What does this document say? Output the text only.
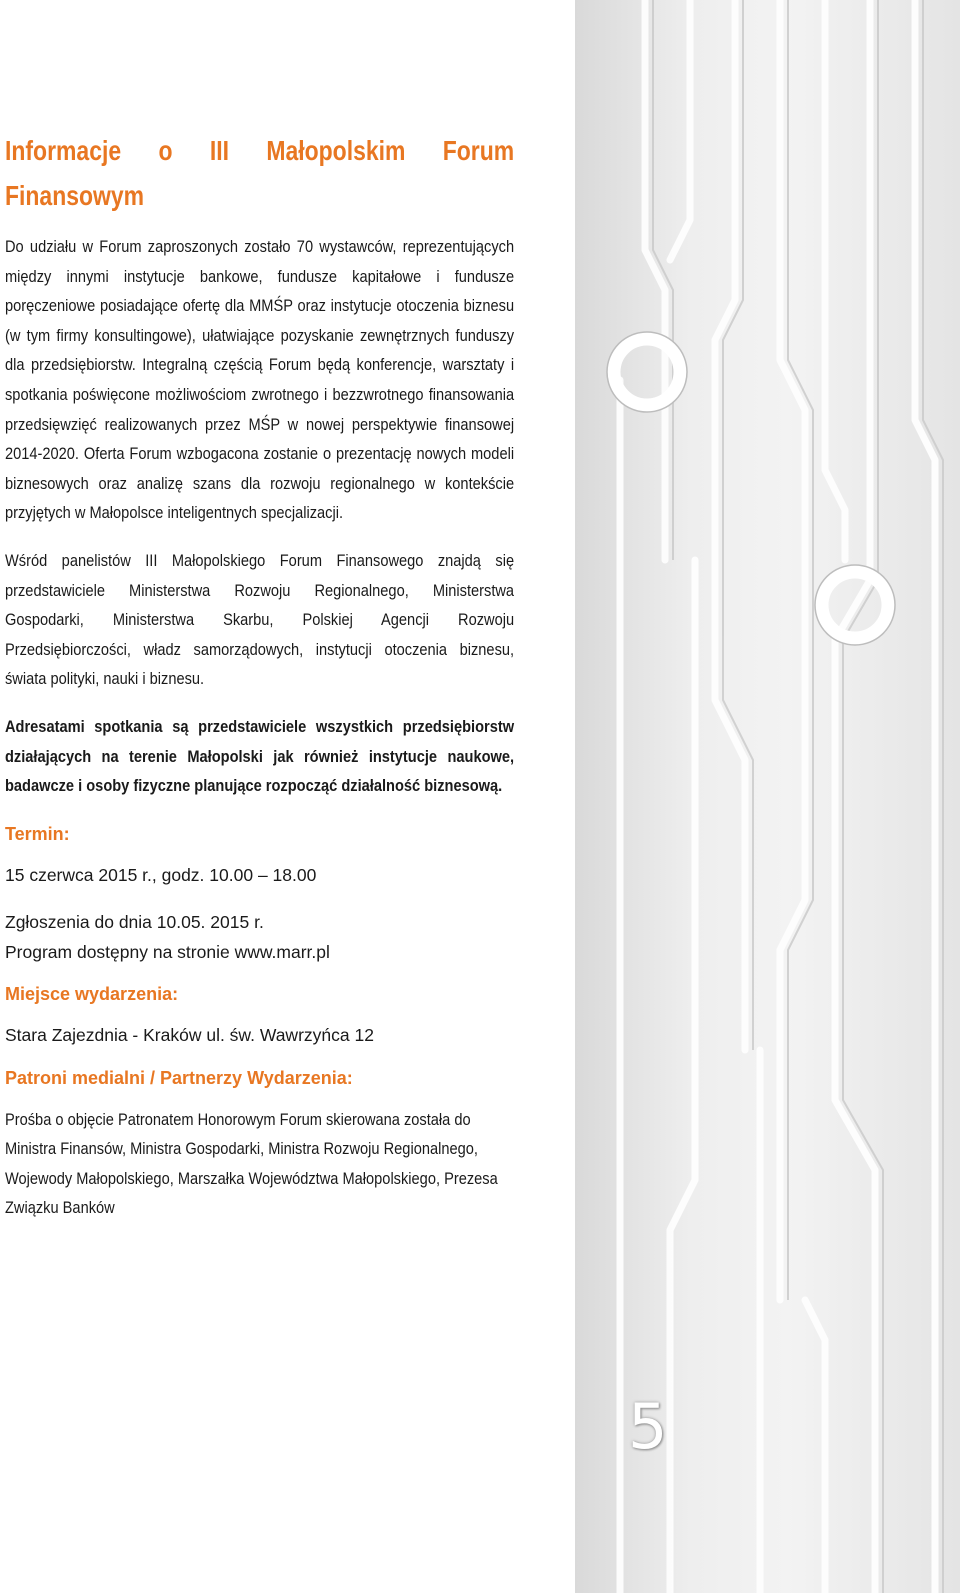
Informacje o III Małopolskim Forum Finansowym

Do udziału w Forum zaproszonych zostało 70 wystawców, reprezentujących między innymi instytucje bankowe, fundusze kapitałowe i fundusze poręczeniowe posiadające ofertę dla MMŚP oraz instytucje otoczenia biznesu (w tym firmy konsultingowe), ułatwiające pozyskanie zewnętrznych funduszy dla przedsiębiorstw. Integralną częścią Forum będą konferencje, warsztaty i spotkania poświęcone możliwościom zwrotnego i bezzwrotnego finansowania przedsięwzięć realizowanych przez MŚP w nowej perspektywie finansowej 2014-2020. Oferta Forum wzbogacona zostanie o prezentację nowych modeli biznesowych oraz analizę szans dla rozwoju regionalnego w kontekście przyjętych w Małopolsce inteligentnych specjalizacji.

Wśród panelistów III Małopolskiego Forum Finansowego znajdą się przedstawiciele Ministerstwa Rozwoju Regionalnego, Ministerstwa Gospodarki, Ministerstwa Skarbu, Polskiej Agencji Rozwoju Przedsiębiorczości, władz samorządowych, instytucji otoczenia biznesu, świata polityki, nauki i biznesu.

Adresatami spotkania są przedstawiciele wszystkich przedsiębiorstw działających na terenie Małopolski jak również instytucje naukowe, badawcze i osoby fizyczne planujące rozpocząć działalność biznesową.

Termin:

15 czerwca 2015 r., godz. 10.00 – 18.00

Zgłoszenia do dnia 10.05. 2015 r.

Program dostępny na stronie www.marr.pl

Miejsce wydarzenia:

Stara Zajezdnia - Kraków ul. św. Wawrzyńca 12

Patroni medialni / Partnerzy Wydarzenia:

Prośba o objęcie Patronatem Honorowym Forum skierowana została do Ministra Finansów, Ministra Gospodarki, Ministra Rozwoju Regionalnego, Wojewody Małopolskiego, Marszałka Województwa Małopolskiego, Prezesa Związku Banków

5
